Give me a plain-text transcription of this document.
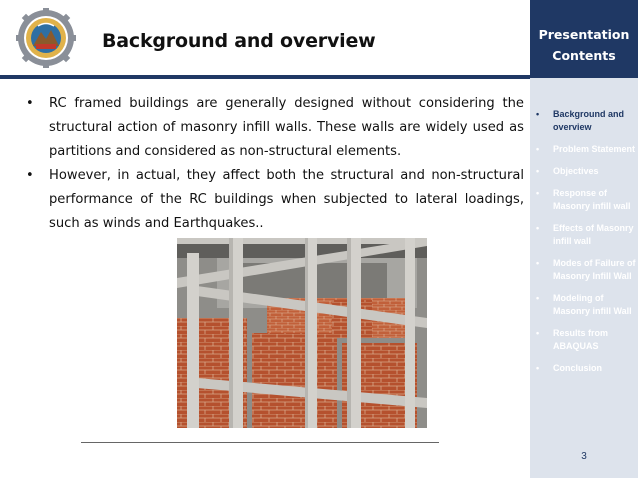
Background and overview	Presentation
Contents
• Background and overview
• Problem Statement
• Objectives
• Response of Masonry infill wall
• Effects of Masonry infill wall
• Modes of Failure of Masonry Infill Wall
• Modeling of Masonry infill Wall
• Results from ABAQUAS
• Conclusion
3
• RC framed buildings are generally designed without considering the structural action of masonry infill walls. These walls are widely used as partitions and considered as non-structural elements.
• However, in actual, they affect both the structural and non-structural performance of the RC buildings when subjected to lateral loadings, such as winds and Earthquakes..
